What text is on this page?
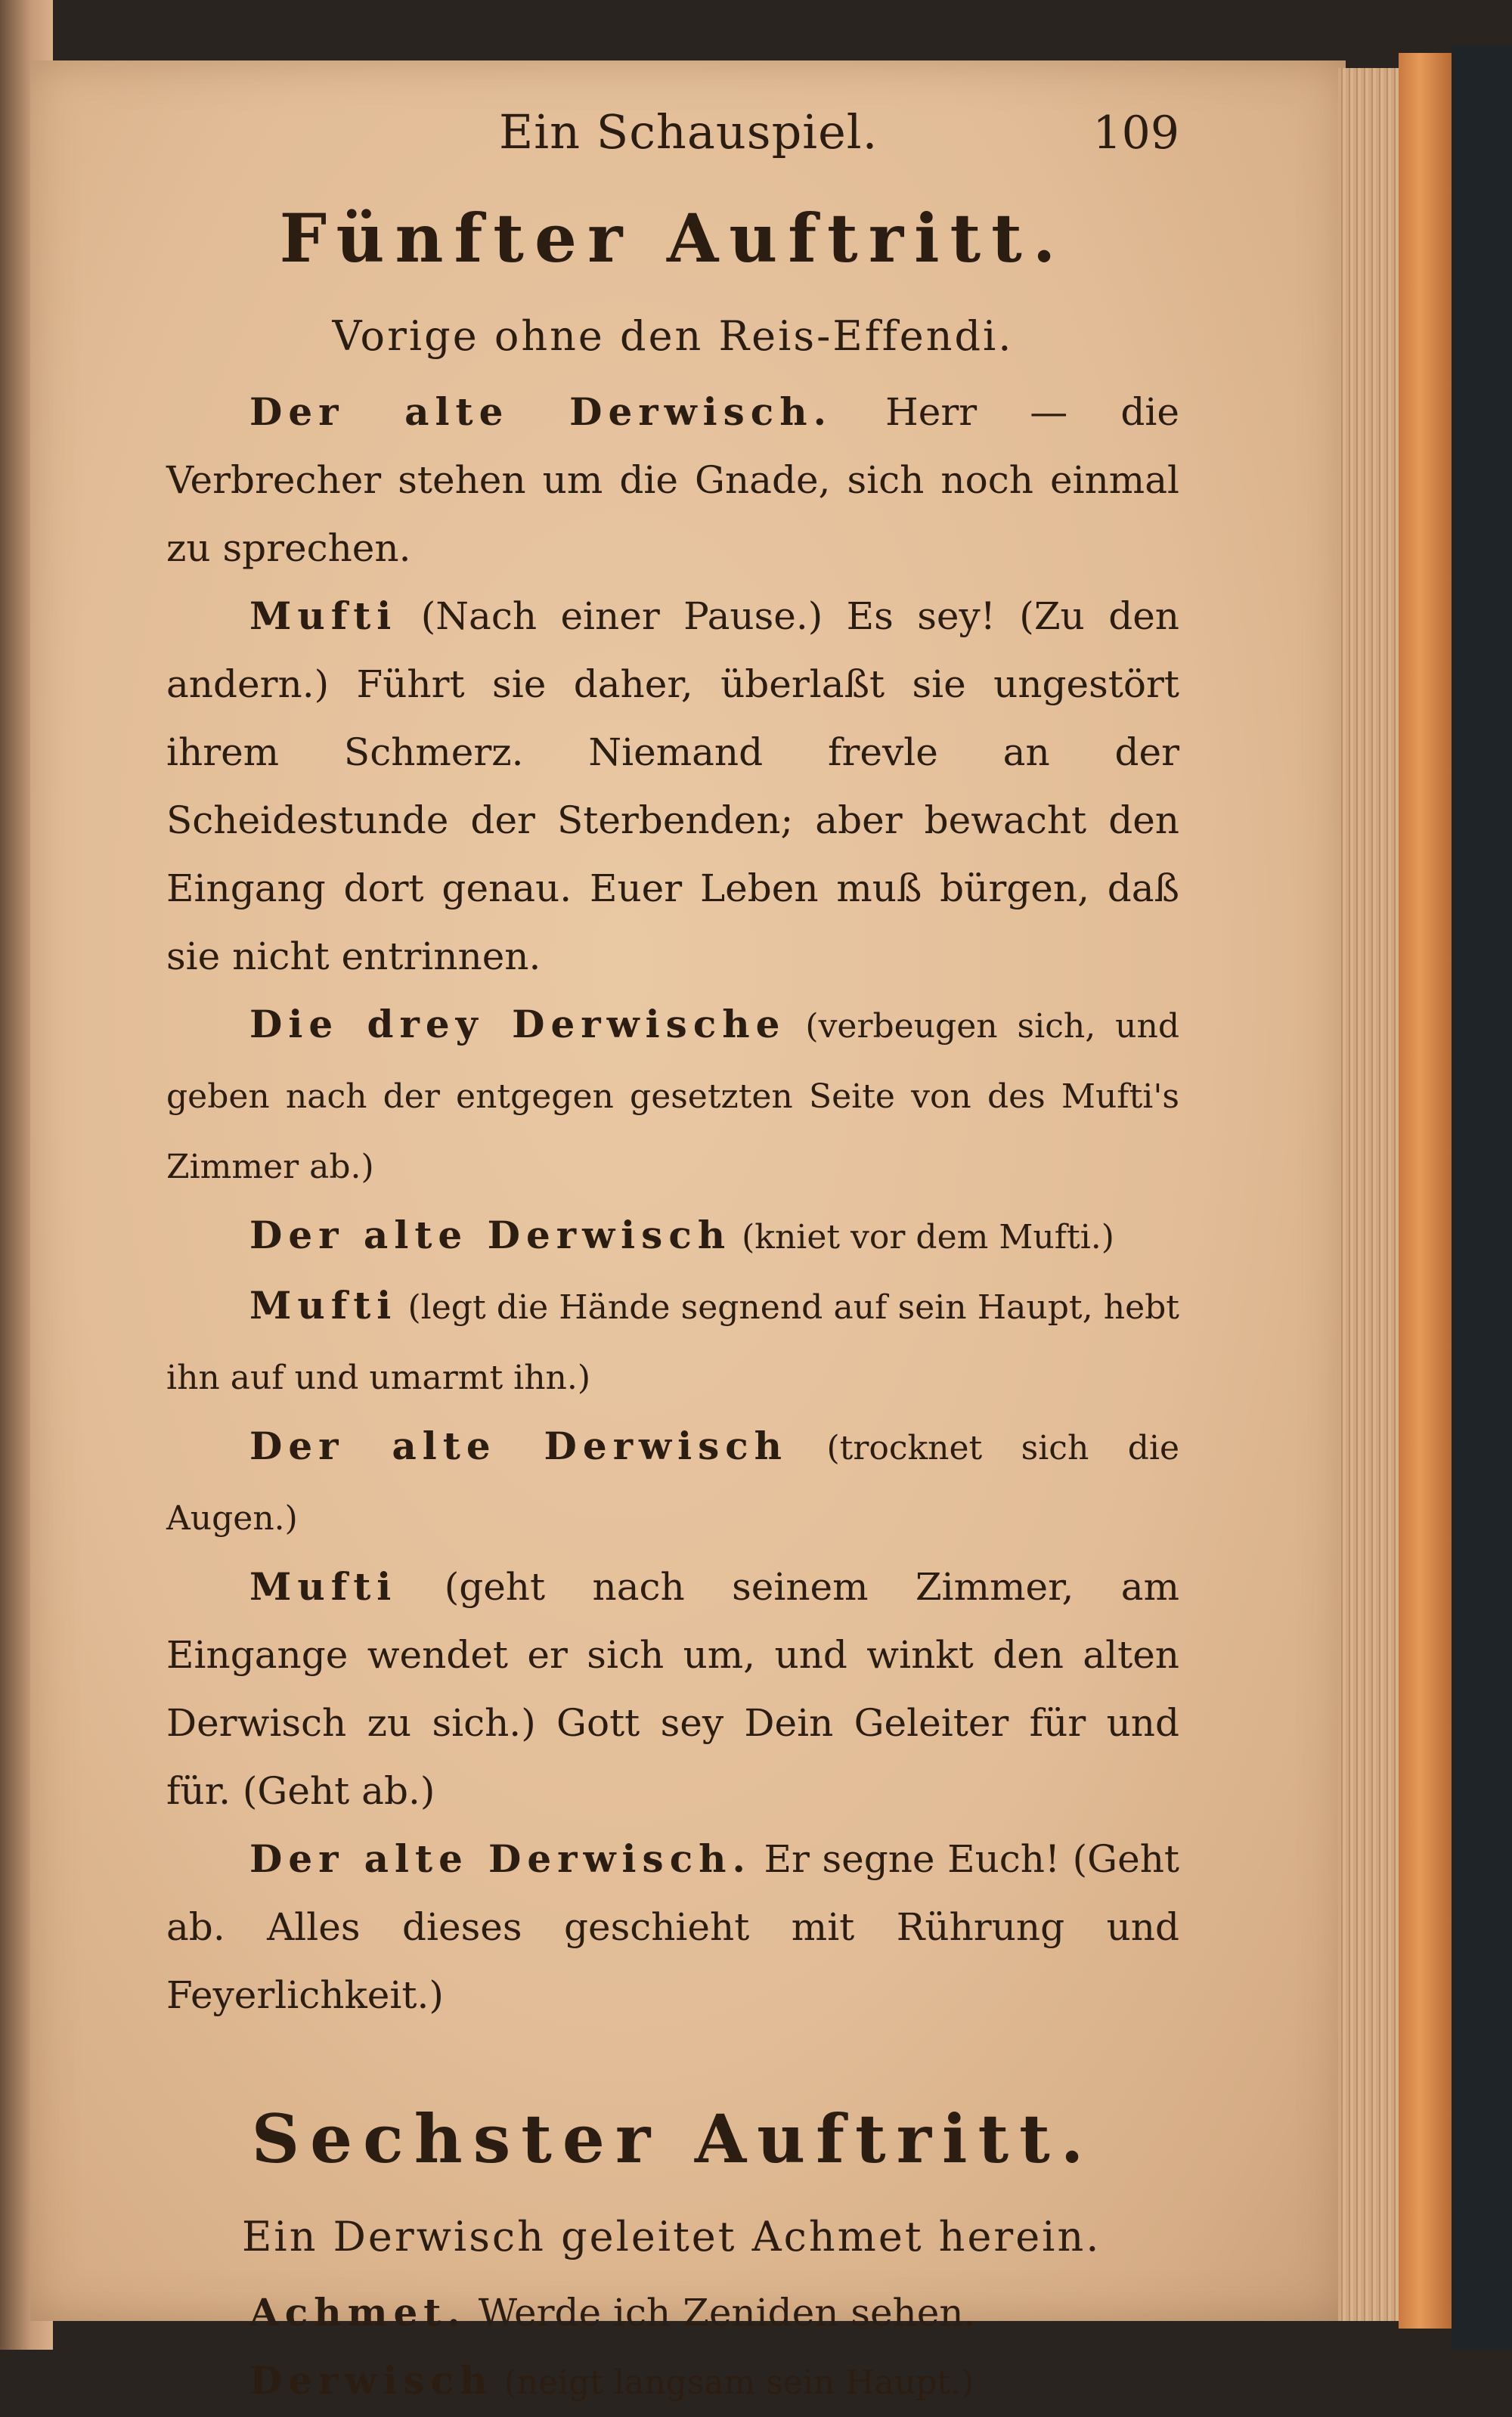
Ein Schauspiel.	109
Fünfter Auftritt.
Vorige ohne den Reis-Effendi.

Der alte Derwisch. Herr — die Verbrecher stehen um die Gnade, sich noch einmal zu sprechen.

Mufti (Nach einer Pause.) Es sey! (Zu den andern.) Führt sie daher, überlaßt sie ungestört ihrem Schmerz. Niemand frevle an der Scheidestunde der Sterbenden; aber bewacht den Eingang dort genau. Euer Leben muß bürgen, daß sie nicht entrinnen.

Die drey Derwische (verbeugen sich, und geben nach der entgegen gesetzten Seite von des Mufti's Zimmer ab.)

Der alte Derwisch (kniet vor dem Mufti.)

Mufti (legt die Hände segnend auf sein Haupt, hebt ihn auf und umarmt ihn.)

Der alte Derwisch (trocknet sich die Augen.)

Mufti (geht nach seinem Zimmer, am Eingange wendet er sich um, und winkt den alten Derwisch zu sich.) Gott sey Dein Geleiter für und für. (Geht ab.)

Der alte Derwisch. Er segne Euch! (Geht ab. Alles dieses geschieht mit Rührung und Feyerlichkeit.)

Sechster Auftritt.
Ein Derwisch geleitet Achmet herein.

Achmet. Werde ich Zeniden sehen.

Derwisch (neigt langsam sein Haupt.)
